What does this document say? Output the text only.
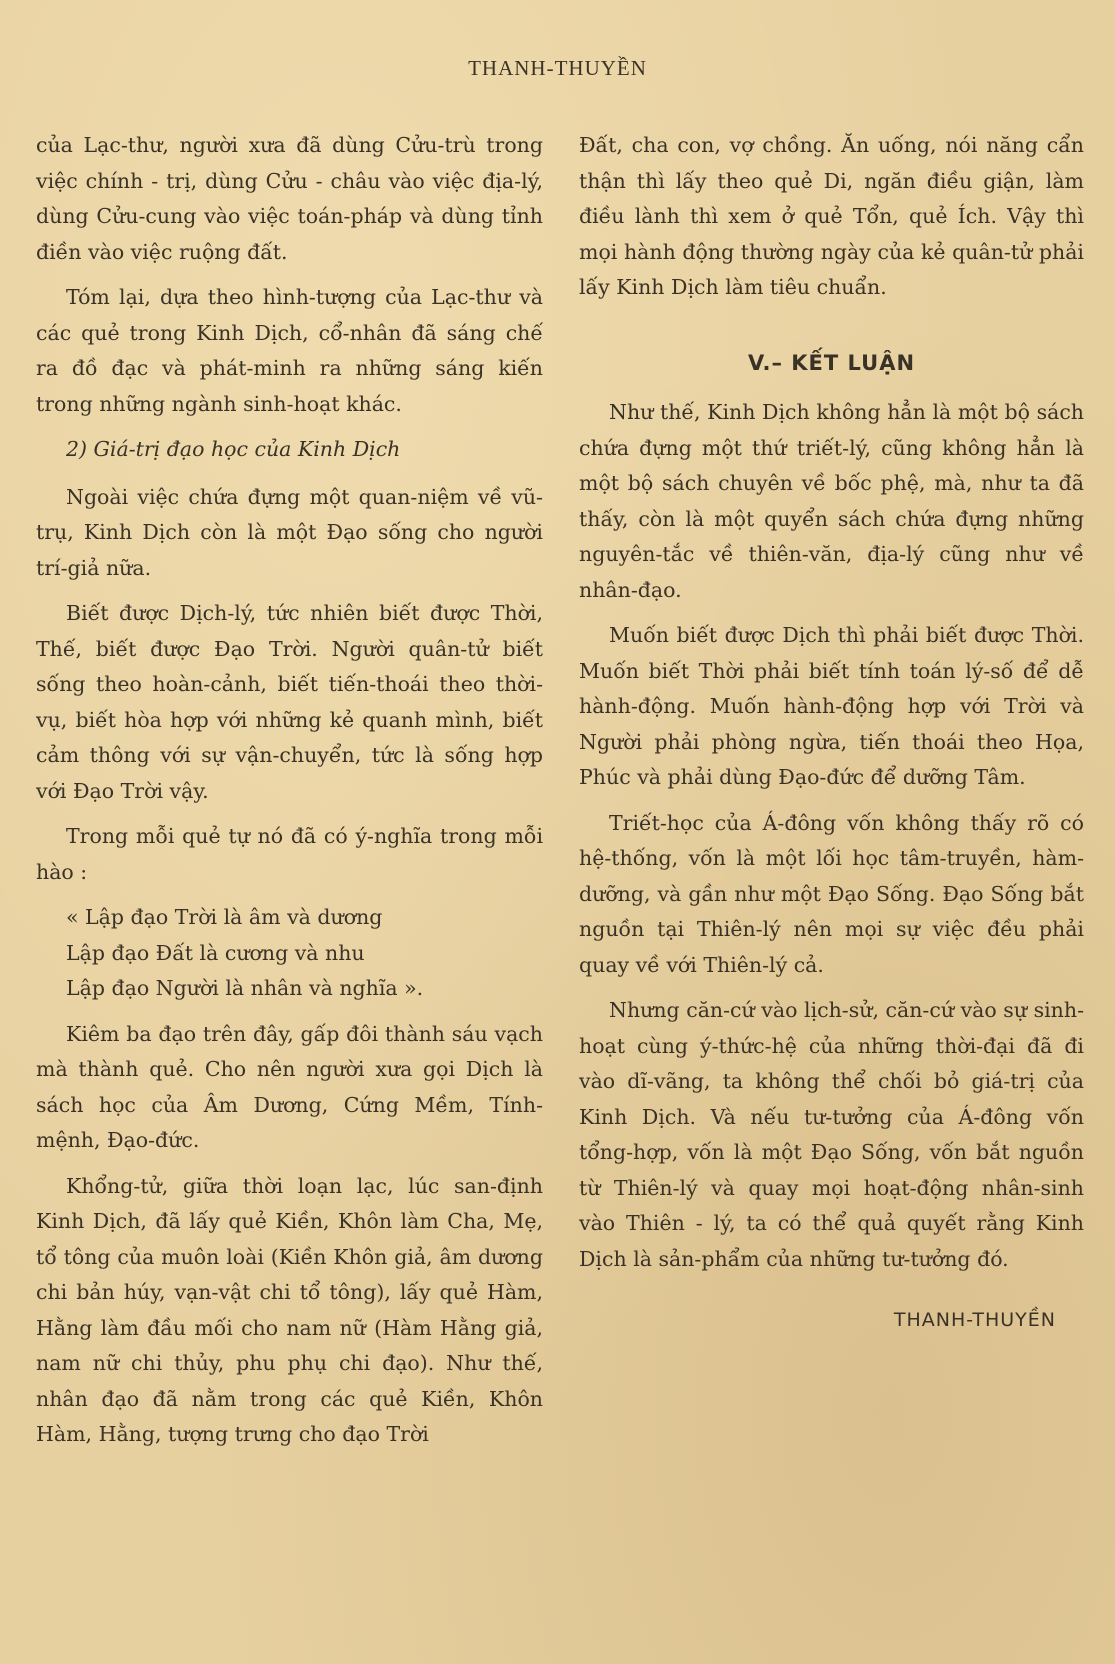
THANH-THUYỀN

của Lạc-thư, người xưa đã dùng Cửu-trù trong việc chính - trị, dùng Cửu - châu vào việc địa-lý, dùng Cửu-cung vào việc toán-pháp và dùng tỉnh điền vào việc ruộng đất.

Tóm lại, dựa theo hình-tượng của Lạc-thư và các quẻ trong Kinh Dịch, cổ-nhân đã sáng chế ra đồ đạc và phát-minh ra những sáng kiến trong những ngành sinh-hoạt khác.

2) Giá-trị đạo học của Kinh Dịch

Ngoài việc chứa đựng một quan-niệm về vũ-trụ, Kinh Dịch còn là một Đạo sống cho người trí-giả nữa.

Biết được Dịch-lý, tức nhiên biết được Thời, Thế, biết được Đạo Trời. Người quân-tử biết sống theo hoàn-cảnh, biết tiến-thoái theo thời-vụ, biết hòa hợp với những kẻ quanh mình, biết cảm thông với sự vận-chuyển, tức là sống hợp với Đạo Trời vậy.

Trong mỗi quẻ tự nó đã có ý-nghĩa trong mỗi hào :

« Lập đạo Trời là âm và dương
Lập đạo Đất là cương và nhu
Lập đạo Người là nhân và nghĩa ».

Kiêm ba đạo trên đây, gấp đôi thành sáu vạch mà thành quẻ. Cho nên người xưa gọi Dịch là sách học của Âm Dương, Cứng Mềm, Tính-mệnh, Đạo-đức.

Khổng-tử, giữa thời loạn lạc, lúc san-định Kinh Dịch, đã lấy quẻ Kiền, Khôn làm Cha, Mẹ, tổ tông của muôn loài (Kiền Khôn giả, âm dương chi bản húy, vạn-vật chi tổ tông), lấy quẻ Hàm, Hằng làm đầu mối cho nam nữ (Hàm Hằng giả, nam nữ chi thủy, phu phụ chi đạo). Như thế, nhân đạo đã nằm trong các quẻ Kiền, Khôn Hàm, Hằng, tượng trưng cho đạo Trời

Đất, cha con, vợ chồng. Ăn uống, nói năng cẩn thận thì lấy theo quẻ Di, ngăn điều giận, làm điều lành thì xem ở quẻ Tổn, quẻ Ích. Vậy thì mọi hành động thường ngày của kẻ quân-tử phải lấy Kinh Dịch làm tiêu chuẩn.

V.– KẾT LUẬN

Như thế, Kinh Dịch không hẳn là một bộ sách chứa đựng một thứ triết-lý, cũng không hẳn là một bộ sách chuyên về bốc phệ, mà, như ta đã thấy, còn là một quyển sách chứa đựng những nguyên-tắc về thiên-văn, địa-lý cũng như về nhân-đạo.

Muốn biết được Dịch thì phải biết được Thời. Muốn biết Thời phải biết tính toán lý-số để dễ hành-động. Muốn hành-động hợp với Trời và Người phải phòng ngừa, tiến thoái theo Họa, Phúc và phải dùng Đạo-đức để dưỡng Tâm.

Triết-học của Á-đông vốn không thấy rõ có hệ-thống, vốn là một lối học tâm-truyền, hàm-dưỡng, và gần như một Đạo Sống. Đạo Sống bắt nguồn tại Thiên-lý nên mọi sự việc đều phải quay về với Thiên-lý cả.

Nhưng căn-cứ vào lịch-sử, căn-cứ vào sự sinh-hoạt cùng ý-thức-hệ của những thời-đại đã đi vào dĩ-vãng, ta không thể chối bỏ giá-trị của Kinh Dịch. Và nếu tư-tưởng của Á-đông vốn tổng-hợp, vốn là một Đạo Sống, vốn bắt nguồn từ Thiên-lý và quay mọi hoạt-động nhân-sinh vào Thiên - lý, ta có thể quả quyết rằng Kinh Dịch là sản-phẩm của những tư-tưởng đó.

THANH-THUYỀN
